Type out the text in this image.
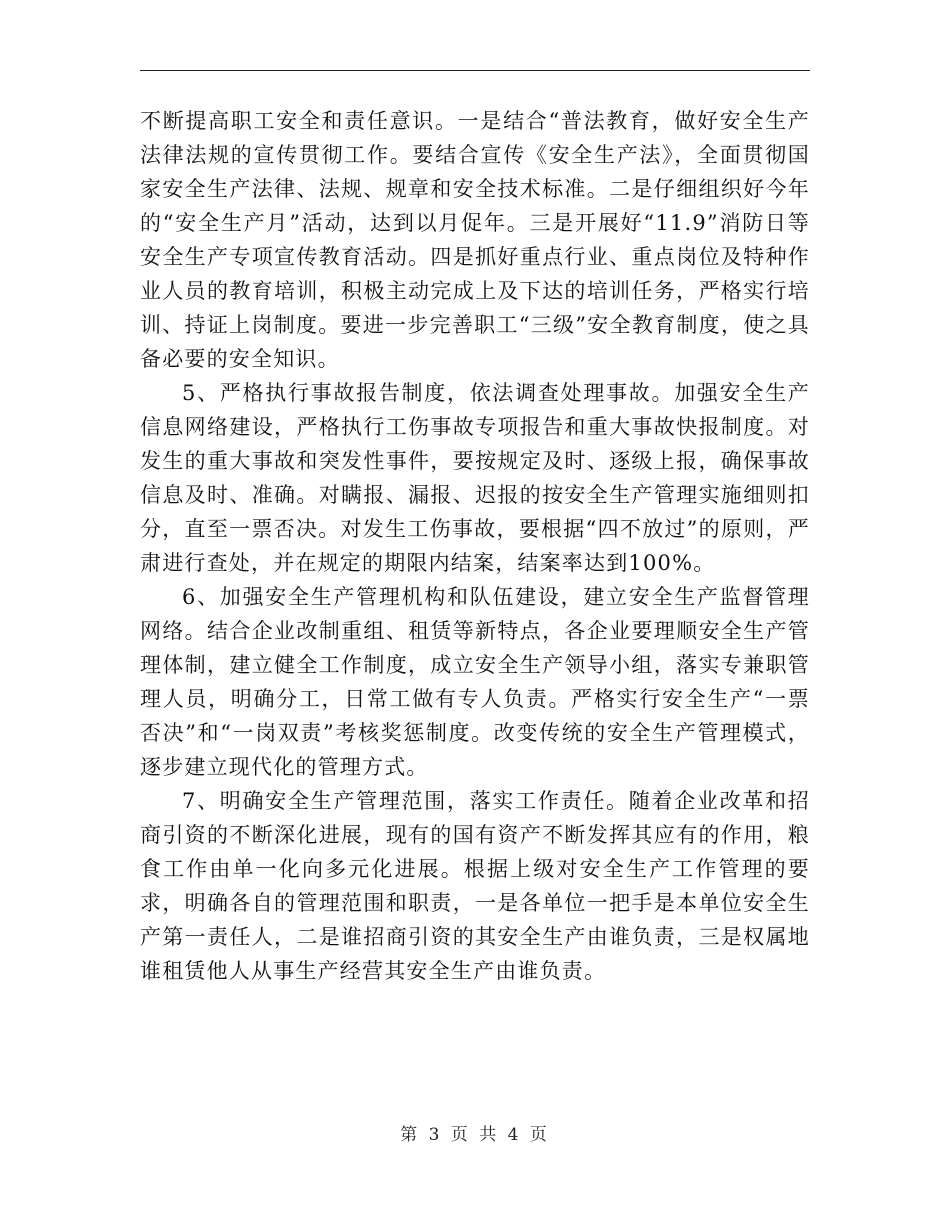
不断提高职工安全和责任意识。一是结合“普法教育，做好安全生产法律法规的宣传贯彻工作。要结合宣传《安全生产法》，全面贯彻国家安全生产法律、法规、规章和安全技术标准。二是仔细组织好今年的“安全生产月”活动，达到以月促年。三是开展好“11.9”消防日等安全生产专项宣传教育活动。四是抓好重点行业、重点岗位及特种作业人员的教育培训，积极主动完成上及下达的培训任务，严格实行培训、持证上岗制度。要进一步完善职工“三级”安全教育制度，使之具备必要的安全知识。

5、严格执行事故报告制度，依法调查处理事故。加强安全生产信息网络建设，严格执行工伤事故专项报告和重大事故快报制度。对发生的重大事故和突发性事件，要按规定及时、逐级上报，确保事故信息及时、准确。对瞒报、漏报、迟报的按安全生产管理实施细则扣分，直至一票否决。对发生工伤事故，要根据“四不放过”的原则，严肃进行查处，并在规定的期限内结案，结案率达到100%。

6、加强安全生产管理机构和队伍建设，建立安全生产监督管理网络。结合企业改制重组、租赁等新特点，各企业要理顺安全生产管理体制，建立健全工作制度，成立安全生产领导小组，落实专兼职管理人员，明确分工，日常工做有专人负责。严格实行安全生产“一票否决”和“一岗双责”考核奖惩制度。改变传统的安全生产管理模式，逐步建立现代化的管理方式。

7、明确安全生产管理范围，落实工作责任。随着企业改革和招商引资的不断深化进展，现有的国有资产不断发挥其应有的作用，粮食工作由单一化向多元化进展。根据上级对安全生产工作管理的要求，明确各自的管理范围和职责，一是各单位一把手是本单位安全生产第一责任人，二是谁招商引资的其安全生产由谁负责，三是权属地谁租赁他人从事生产经营其安全生产由谁负责。

第 3 页 共 4 页
